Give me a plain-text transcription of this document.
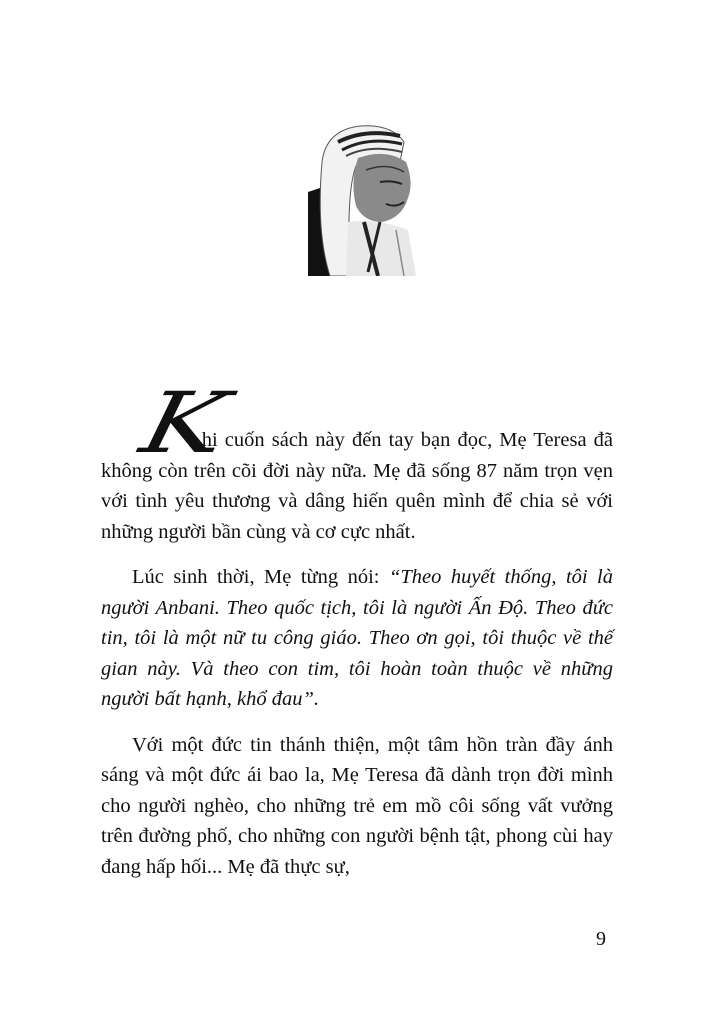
Khi cuốn sách này đến tay bạn đọc, Mẹ Teresa đã không còn trên cõi đời này nữa. Mẹ đã sống 87 năm trọn vẹn với tình yêu thương và dâng hiến quên mình để chia sẻ với những người bần cùng và cơ cực nhất.

Lúc sinh thời, Mẹ từng nói: “Theo huyết thống, tôi là người Anbani. Theo quốc tịch, tôi là người Ấn Độ. Theo đức tin, tôi là một nữ tu công giáo. Theo ơn gọi, tôi thuộc về thế gian này. Và theo con tim, tôi hoàn toàn thuộc về những người bất hạnh, khổ đau”.

Với một đức tin thánh thiện, một tâm hồn tràn đầy ánh sáng và một đức ái bao la, Mẹ Teresa đã dành trọn đời mình cho người nghèo, cho những trẻ em mồ côi sống vất vưởng trên đường phố, cho những con người bệnh tật, phong cùi hay đang hấp hối... Mẹ đã thực sự,

9
